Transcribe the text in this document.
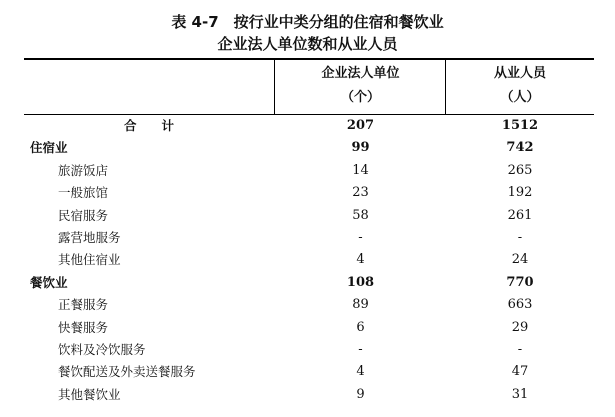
表 4-7　按行业中类分组的住宿和餐饮业
企业法人单位数和从业人员
企业法人单位
（个）
从业人员
（人）
合　　计	207	1512
住宿业	99	742
旅游饭店	14	265
一般旅馆	23	192
民宿服务	58	261
露营地服务	-	-
其他住宿业	4	24
餐饮业	108	770
正餐服务	89	663
快餐服务	6	29
饮料及冷饮服务	-	-
餐饮配送及外卖送餐服务	4	47
其他餐饮业	9	31
